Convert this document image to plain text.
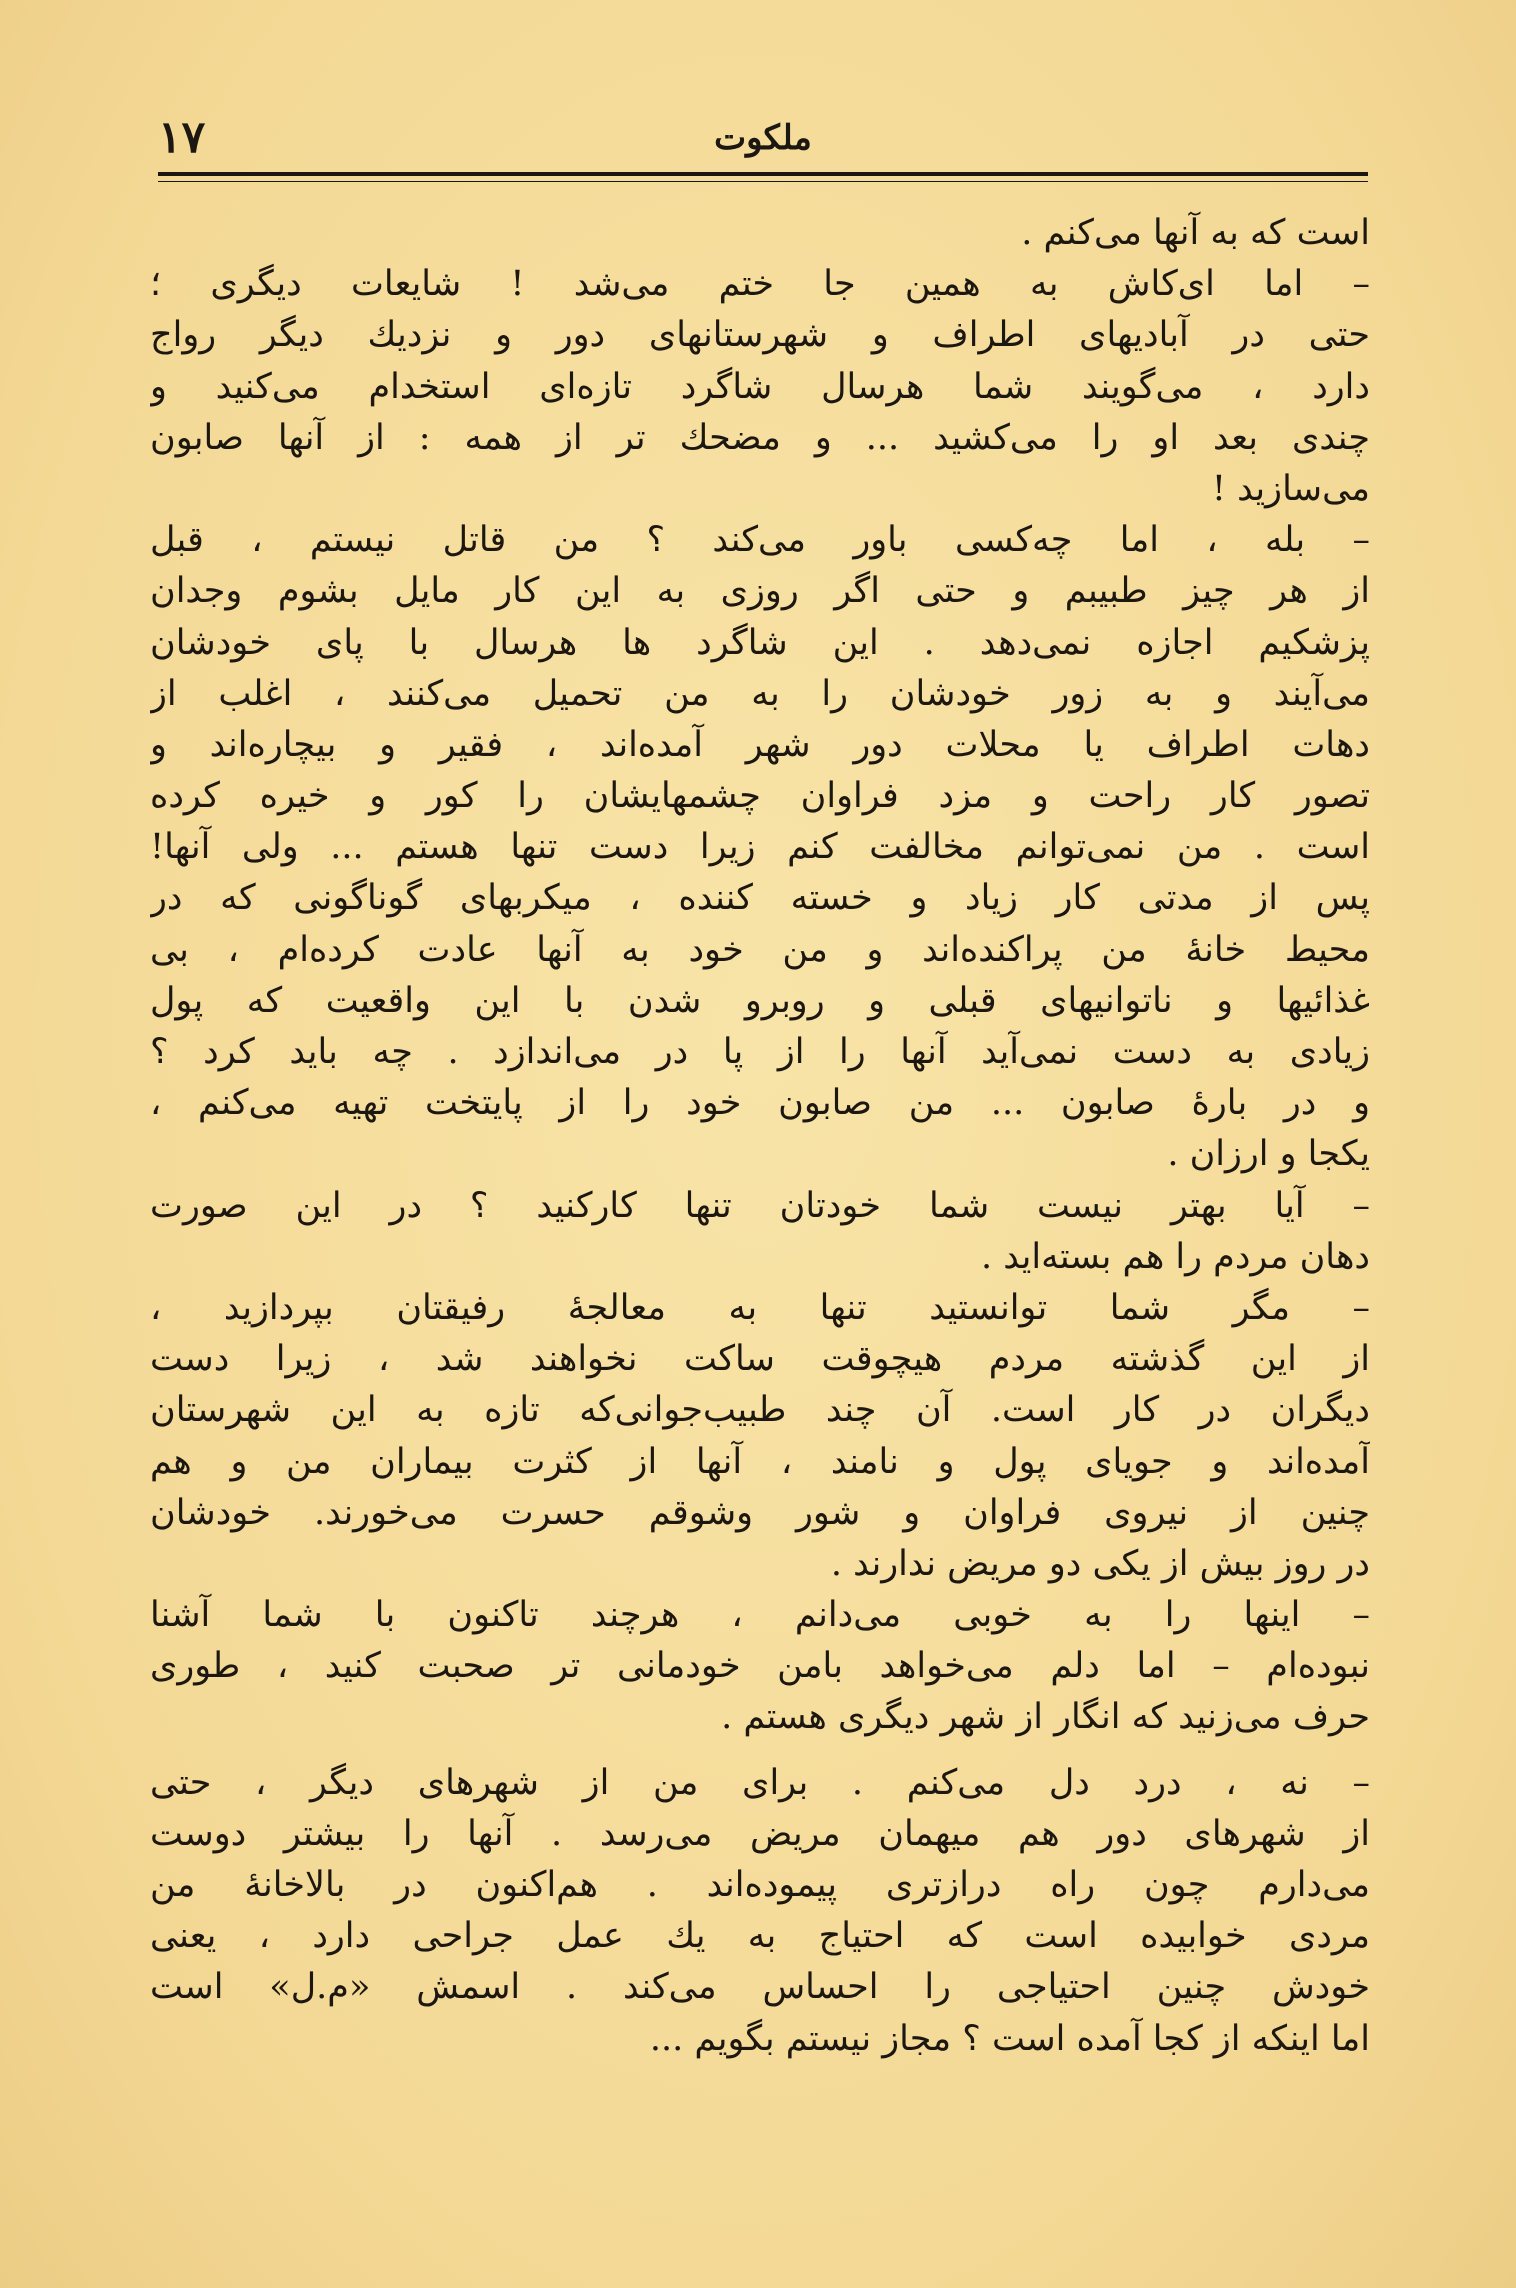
۱۷	ملکوت
است که به آنها می‌کنم .
– اما ای‌کاش به همین جا ختم می‌شد ! شایعات دیگری ؛
حتی در آبادیهای اطراف و شهرستانهای دور و نزدیك دیگر رواج
دارد ، می‌گویند شما هرسال شاگرد تازه‌ای استخدام می‌کنید و
چندی بعد او را می‌کشید ... و مضحك تر از همه : از آنها صابون
می‌سازید !
– بله ، اما چه‌کسی باور می‌کند ؟ من قاتل نیستم ، قبل
از هر چیز طبیبم و حتی اگر روزی به این کار مایل بشوم وجدان
پزشکیم اجازه نمی‌دهد . این شاگرد ها هرسال با پای خودشان
می‌آیند و به زور خودشان را به من تحمیل می‌کنند ، اغلب از
دهات اطراف یا محلات دور شهر آمده‌اند ، فقیر و بیچاره‌اند و
تصور کار راحت و مزد فراوان چشمهایشان را کور و خیره کرده
است . من نمی‌توانم مخالفت کنم زیرا دست تنها هستم ... ولی آنها!
پس از مدتی کار زیاد و خسته کننده ، میکربهای گوناگونی که در
محیط خانهٔ من پراکنده‌اند و من خود به آنها عادت کرده‌ام ، بی‌
غذائیها و ناتوانیهای قبلی و روبرو شدن با این واقعیت که پول
زیادی به دست نمی‌آید آنها را از پا در می‌اندازد . چه باید کرد ؟
و در بارهٔ صابون ... من صابون خود را از پایتخت تهیه می‌کنم ،
یکجا و ارزان .
– آیا بهتر نیست شما خودتان تنها کارکنید ؟ در این صورت
دهان مردم را هم بسته‌اید .
– مگر شما توانستید تنها به معالجهٔ رفیقتان بپردازید ،
از این گذشته مردم هیچوقت ساکت نخواهند شد ، زیرا دست
دیگران در کار است. آن چند طبیب‌جوانی‌که تازه به این شهرستان
آمده‌اند و جویای پول و نامند ، آنها از کثرت بیماران من و هم
چنین از نیروی فراوان و شور وشوقم حسرت می‌خورند. خودشان
در روز بیش از یکی دو مریض ندارند .
– اینها را به خوبی می‌دانم ، هرچند تاکنون با شما آشنا
نبوده‌ام – اما دلم می‌خواهد بامن خودمانی تر صحبت کنید ، طوری
حرف می‌زنید که انگار از شهر دیگری هستم .
– نه ، درد دل می‌کنم . برای من از شهرهای دیگر ، حتی
از شهرهای دور هم میهمان مریض می‌رسد . آنها را بیشتر دوست
می‌دارم چون راه درازتری پیموده‌اند . هم‌اکنون در بالاخانهٔ من
مردی خوابیده است که احتیاج به یك عمل جراحی دارد ، یعنی
خودش چنین احتیاجی را احساس می‌کند . اسمش «م.ل» است
اما اینکه از کجا آمده است ؟ مجاز نیستم بگویم ...
